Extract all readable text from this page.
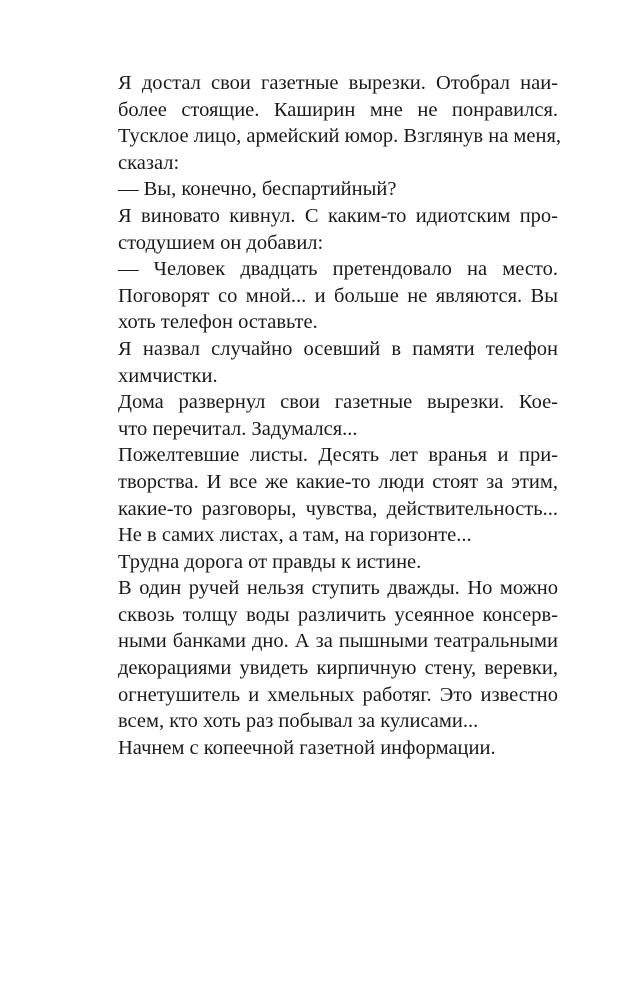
Я достал свои газетные вырезки. Отобрал наи-
более стоящие. Каширин мне не понравился.
Тусклое лицо, армейский юмор. Взглянув на меня,
сказал:

— Вы, конечно, беспартийный?

Я виновато кивнул. С каким-то идиотским про-
стодушием он добавил:

— Человек двадцать претендовало на место.
Поговорят со мной... и больше не являются. Вы
хоть телефон оставьте.

Я назвал случайно осевший в памяти телефон
химчистки.

Дома развернул свои газетные вырезки. Кое-
что перечитал. Задумался...

Пожелтевшие листы. Десять лет вранья и при-
творства. И все же какие-то люди стоят за этим,
какие-то разговоры, чувства, действительность...
Не в самих листах, а там, на горизонте...

Трудна дорога от правды к истине.

В один ручей нельзя ступить дважды. Но можно
сквозь толщу воды различить усеянное консерв-
ными банками дно. А за пышными театральными
декорациями увидеть кирпичную стену, веревки,
огнетушитель и хмельных работяг. Это известно
всем, кто хоть раз побывал за кулисами...

Начнем с копеечной газетной информации.
